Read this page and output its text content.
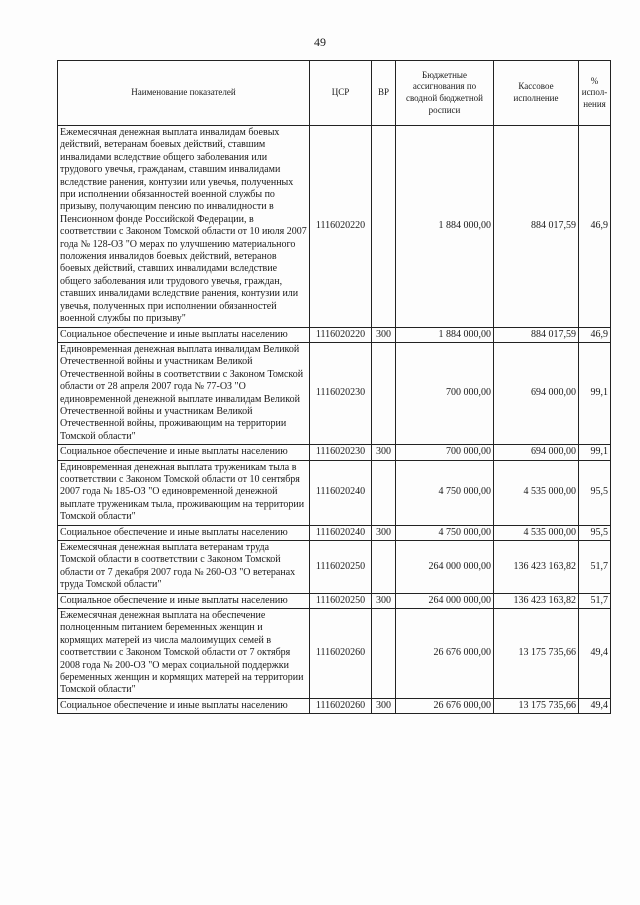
49
Наименование показателей	ЦСР	ВР	Бюджетные ассигнования по сводной бюджетной росписи	Кассовое исполнение	% испол-нения
Ежемесячная денежная выплата инвалидам боевых действий, ветеранам боевых действий, ставшим инвалидами вследствие общего заболевания или трудового увечья, гражданам, ставшим инвалидами вследствие ранения, контузии или увечья, полученных при исполнении обязанностей военной службы по призыву, получающим пенсию по инвалидности в Пенсионном фонде Российской Федерации, в соответствии с Законом Томской области от 10 июля 2007 года № 128-ОЗ "О мерах по улучшению материального положения инвалидов боевых действий, ветеранов боевых действий, ставших инвалидами вследствие общего заболевания или трудового увечья, граждан, ставших инвалидами вследствие ранения, контузии или увечья, полученных при исполнении обязанностей военной службы по призыву"	1116020220		1 884 000,00	884 017,59	46,9
Социальное обеспечение и иные выплаты населению	1116020220	300	1 884 000,00	884 017,59	46,9
Единовременная денежная выплата инвалидам Великой Отечественной войны и участникам Великой Отечественной войны в соответствии с Законом Томской области от 28 апреля 2007 года № 77-ОЗ "О единовременной денежной выплате инвалидам Великой Отечественной войны и участникам Великой Отечественной войны, проживающим на территории Томской области"	1116020230		700 000,00	694 000,00	99,1
Социальное обеспечение и иные выплаты населению	1116020230	300	700 000,00	694 000,00	99,1
Единовременная денежная выплата труженикам тыла в соответствии с Законом Томской области от 10 сентября 2007 года № 185-ОЗ "О единовременной денежной выплате труженикам тыла, проживающим на территории Томской области"	1116020240		4 750 000,00	4 535 000,00	95,5
Социальное обеспечение и иные выплаты населению	1116020240	300	4 750 000,00	4 535 000,00	95,5
Ежемесячная денежная выплата ветеранам труда Томской области в соответствии с Законом Томской области от 7 декабря 2007 года № 260-ОЗ "О ветеранах труда Томской области"	1116020250		264 000 000,00	136 423 163,82	51,7
Социальное обеспечение и иные выплаты населению	1116020250	300	264 000 000,00	136 423 163,82	51,7
Ежемесячная денежная выплата на обеспечение полноценным питанием беременных женщин и кормящих матерей из числа малоимущих семей в соответствии с Законом Томской области от 7 октября 2008 года № 200-ОЗ "О мерах социальной поддержки беременных женщин и кормящих матерей на территории Томской области"	1116020260		26 676 000,00	13 175 735,66	49,4
Социальное обеспечение и иные выплаты населению	1116020260	300	26 676 000,00	13 175 735,66	49,4
